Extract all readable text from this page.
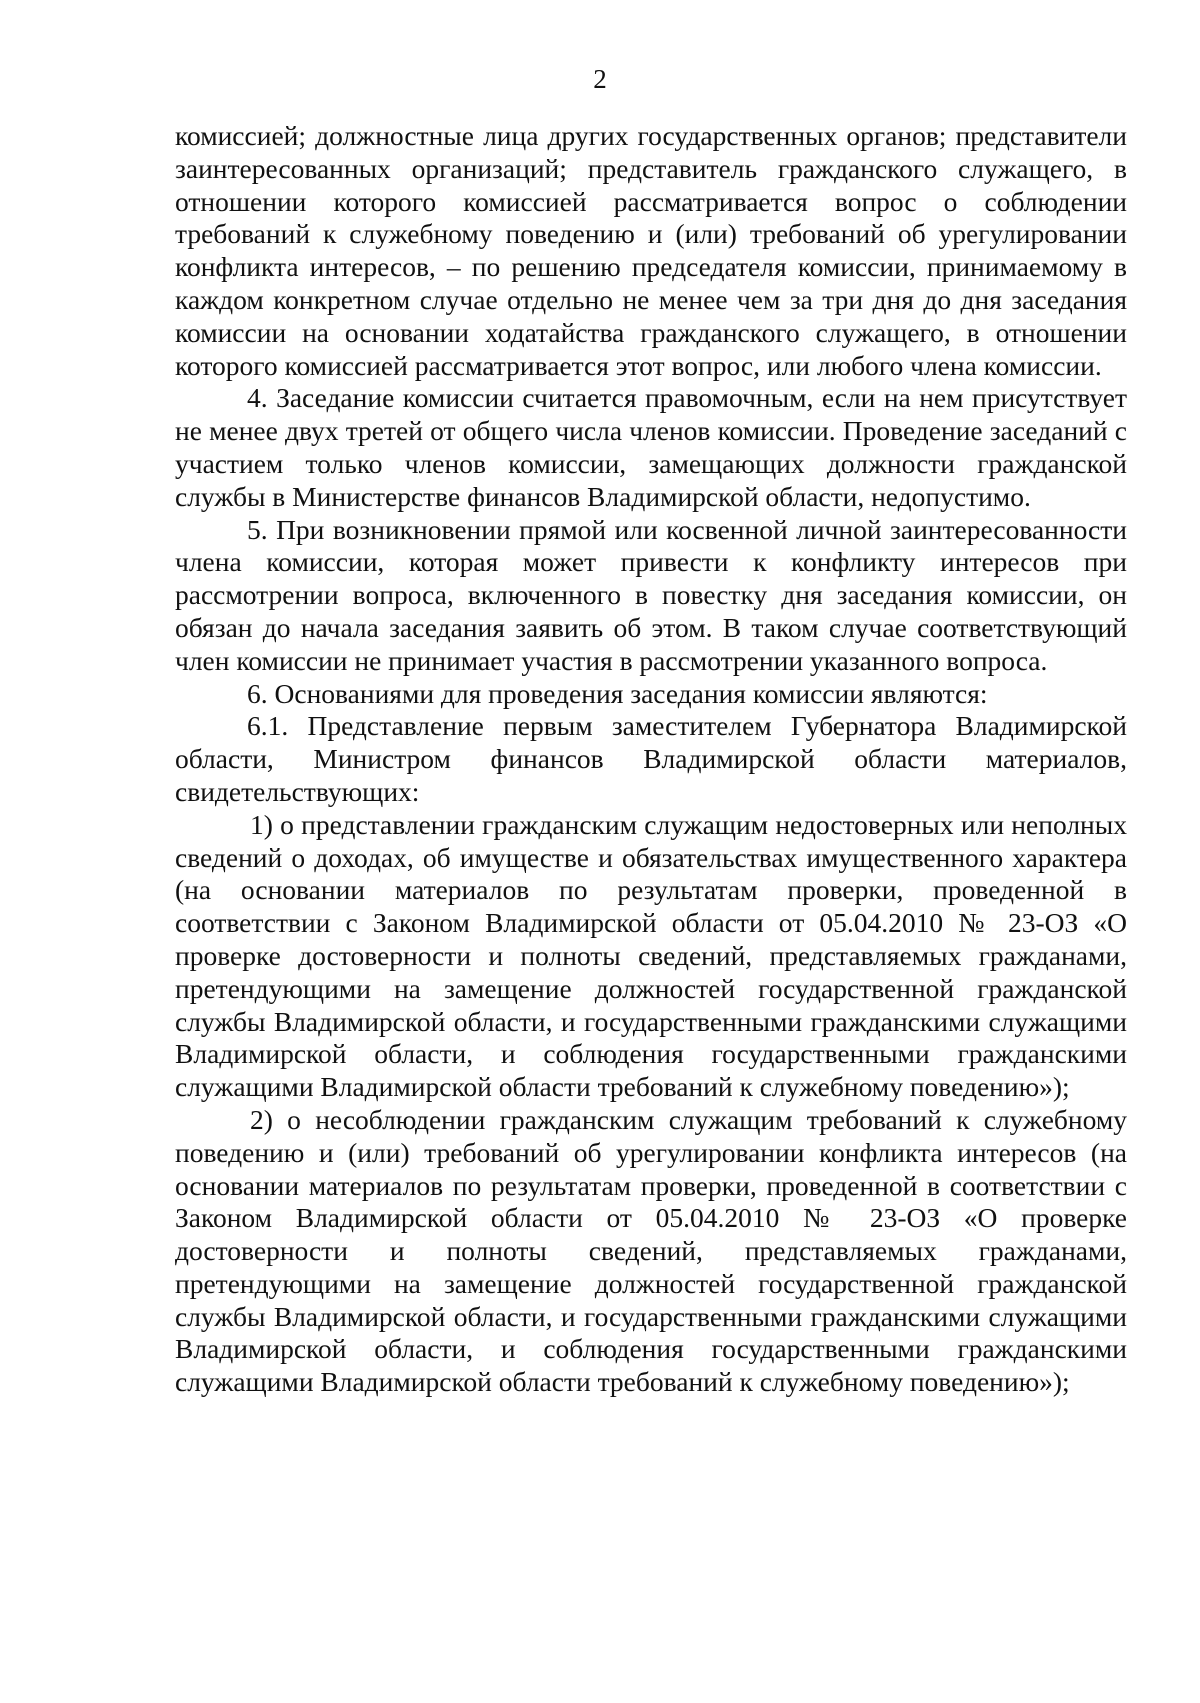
2

комиссией; должностные лица других государственных органов; представители заинтересованных организаций; представитель гражданского служащего, в отношении которого комиссией рассматривается вопрос о соблюдении требований к служебному поведению и (или) требований об урегулировании конфликта интересов, – по решению председателя комиссии, принимаемому в каждом конкретном случае отдельно не менее чем за три дня до дня заседания комиссии на основании ходатайства гражданского служащего, в отношении которого комиссией рассматривается этот вопрос, или любого члена комиссии.

4. Заседание комиссии считается правомочным, если на нем присутствует не менее двух третей от общего числа членов комиссии. Проведение заседаний с участием только членов комиссии, замещающих должности гражданской службы в Министерстве финансов Владимирской области, недопустимо.

5. При возникновении прямой или косвенной личной заинтересованности члена комиссии, которая может привести к конфликту интересов при рассмотрении вопроса, включенного в повестку дня заседания комиссии, он обязан до начала заседания заявить об этом. В таком случае соответствующий член комиссии не принимает участия в рассмотрении указанного вопроса.

6. Основаниями для проведения заседания комиссии являются:

6.1. Представление первым заместителем Губернатора Владимирской области, Министром финансов Владимирской области материалов, свидетельствующих:

1) о представлении гражданским служащим недостоверных или неполных сведений о доходах, об имуществе и обязательствах имущественного характера (на основании материалов по результатам проверки, проведенной в соответствии с Законом Владимирской области от 05.04.2010 № 23-ОЗ «О проверке достоверности и полноты сведений, представляемых гражданами, претендующими на замещение должностей государственной гражданской службы Владимирской области, и государственными гражданскими служащими Владимирской области, и соблюдения государственными гражданскими служащими Владимирской области требований к служебному поведению»);

2) о несоблюдении гражданским служащим требований к служебному поведению и (или) требований об урегулировании конфликта интересов (на основании материалов по результатам проверки, проведенной в соответствии с Законом Владимирской области от 05.04.2010 № 23-ОЗ «О проверке достоверности и полноты сведений, представляемых гражданами, претендующими на замещение должностей государственной гражданской службы Владимирской области, и государственными гражданскими служащими Владимирской области, и соблюдения государственными гражданскими служащими Владимирской области требований к служебному поведению»);
